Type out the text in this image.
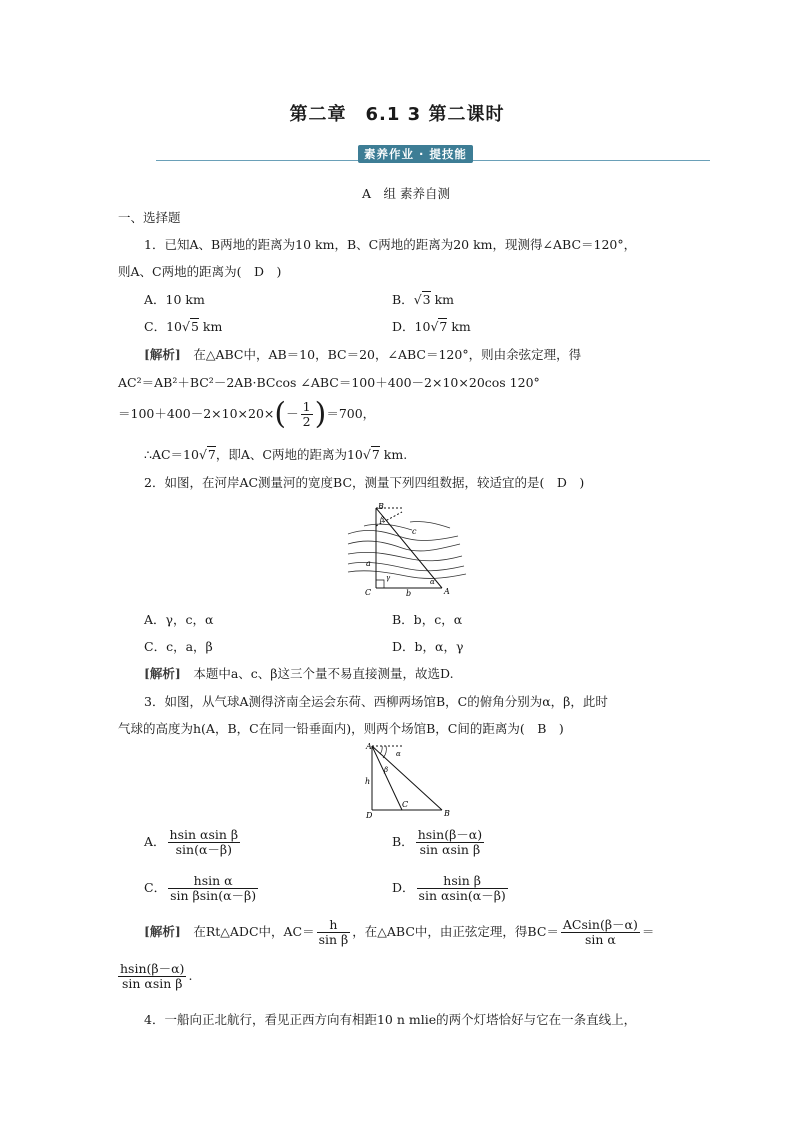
第二章　6.1 3 第二课时
素养作业 · 提技能
A　组 素养自测
一、选择题
1．已知A、B两地的距离为10 km，B、C两地的距离为20 km，现测得∠ABC＝120°，
则A、C两地的距离为(　D　)
A．10 km	B．√3 km
C．10√5 km	D．10√7 km
[解析]　在△ABC中，AB＝10，BC＝20，∠ABC＝120°，则由余弦定理，得
AC²＝AB²＋BC²－2AB·BCcos ∠ABC＝100＋400－2×10×20cos 120°
$=100+400-2\times 10\times 20\times(- \frac{1}{2} )=700$，
∴AC＝10√7，即A、C两地的距离为10√7 km.
2．如图，在河岸AC测量河的宽度BC，测量下列四组数据，较适宜的是(　D　)
B
C	A
a
b
c
α
β
γ
A．γ，c，α	B．b，c，α
C．c，a，β	D．b，α，γ
[解析]　本题中a、c、β这三个量不易直接测量，故选D.
3．如图，从气球A测得济南全运会东荷、西柳两场馆B，C的俯角分别为α，β，此时
气球的高度为h(A，B，C在同一铅垂面内)，则两个场馆B，C间的距离为(　B　)
A
D
C
B
h
α
β
A． $\frac{\text{hsin αsin β}}{\sin(\alpha-\beta)}$	B． $\frac{hsin(\beta-\alpha)}{\text{sin αsin β}}$
C． $\frac{\text{hsin α}}{\text{sin βsin(α－β)}}$	D． $\frac{\text{hsin β}}{\text{sin αsin(α－β)}}$
[解析]　在Rt△ADC中，$AC= \frac{h}{\text{sin β}}$ ，在△ABC中，由正弦定理，得$BC= \frac{ACsin(\beta-\alpha)}{\text{sin α}}$ ＝
$\frac{hsin(\beta-\alpha)}{\text{sin αsin β}}$ .
4．一船向正北航行，看见正西方向有相距10 n mlie的两个灯塔恰好与它在一条直线上，
